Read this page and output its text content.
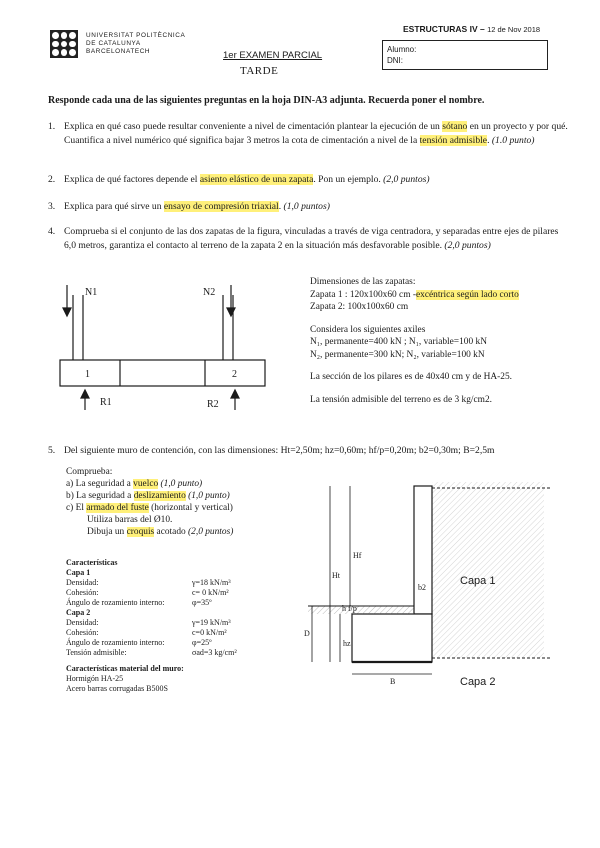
UNIVERSITAT POLITÈCNICA
DE CATALUNYA
BARCELONATECH
ESTRUCTURAS IV – 12 de Nov 2018
1er EXAMEN PARCIAL
TARDE
Alumno:
DNI:
Responde cada una de las siguientes preguntas en la hoja DIN-A3 adjunta. Recuerda poner el nombre.
1. Explica en qué caso puede resultar conveniente a nivel de cimentación plantear la ejecución de un sótano en un proyecto y por qué. Cuantifica a nivel numérico qué significa bajar 3 metros la cota de cimentación a nivel de la tensión admisible. (1.0 punto)
2. Explica de qué factores depende el asiento elástico de una zapata. Pon un ejemplo. (2,0 puntos)
3. Explica para qué sirve un ensayo de compresión triaxial. (1,0 puntos)
4. Comprueba si el conjunto de las dos zapatas de la figura, vinculadas a través de viga centradora, y separadas entre ejes de pilares 6,0 metros, garantiza el contacto al terreno de la zapata 2 en la situación más desfavorable posible. (2,0 puntos)
N1	N2
1	2
R1	R2
Dimensiones de las zapatas:
Zapata 1 : 120x100x60 cm -excéntrica según lado corto
Zapata 2: 100x100x60 cm
Considera los siguientes axiles
N₁, permanente=400 kN ; N₁, variable=100 kN
N₂, permanente=300 kN; N₂, variable=100 kN
La sección de los pilares es de 40x40 cm y de HA-25.
La tensión admisible del terreno es de 3 kg/cm2.
5. Del siguiente muro de contención, con las dimensiones: Ht=2,50m; hz=0,60m; hf/p=0,20m; b2=0,30m; B=2,5m
Comprueba:
a) La seguridad a vuelco (1,0 punto)
b) La seguridad a deslizamiento (1,0 punto)
c) El armado del fuste (horizontal y vertical)
Utiliza barras del Ø10.
Dibuja un croquis acotado (2,0 puntos)
Características
Capa 1
Densidad:	γ=18 kN/m³
Cohesión:	c= 0 kN/m²
Ángulo de rozamiento interno:	φ=35º
Capa 2
Densidad:	γ=19 kN/m³
Cohesión:	c=0 kN/m²
Ángulo de rozamiento interno:	φ=25º
Tensión admisible:	σad=3 kg/cm²
Características material del muro:
Hormigón HA-25
Acero barras corrugadas B500S
Hf
Ht
b2
h f/p
D
hz
B
Capa 1
Capa 2
